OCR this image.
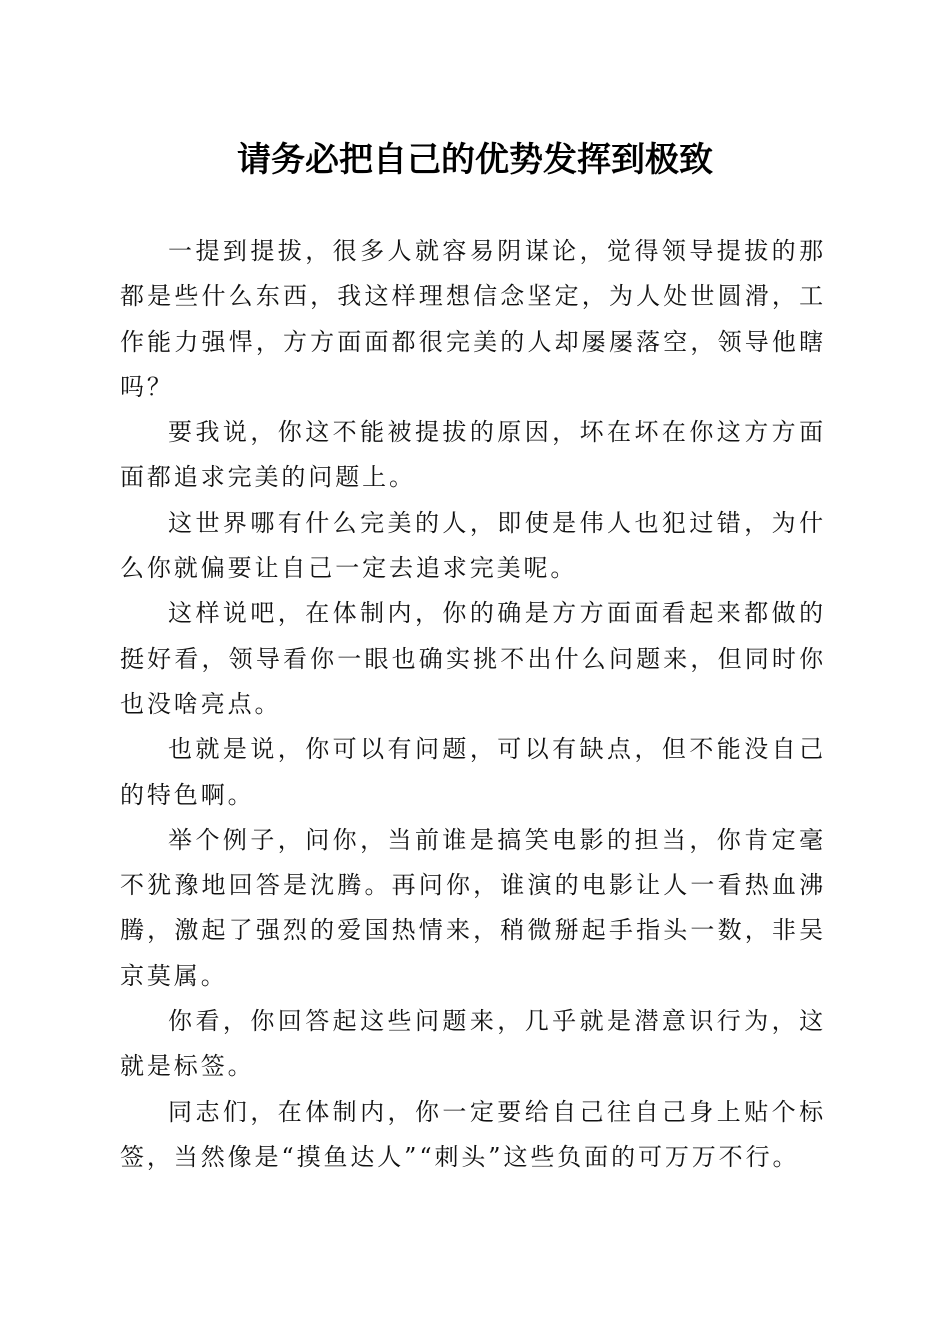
请务必把自己的优势发挥到极致

一提到提拔，很多人就容易阴谋论，觉得领导提拔的那都是些什么东西，我这样理想信念坚定，为人处世圆滑，工作能力强悍，方方面面都很完美的人却屡屡落空，领导他瞎吗？

要我说，你这不能被提拔的原因，坏在坏在你这方方面面都追求完美的问题上。

这世界哪有什么完美的人，即使是伟人也犯过错，为什么你就偏要让自己一定去追求完美呢。

这样说吧，在体制内，你的确是方方面面看起来都做的挺好看，领导看你一眼也确实挑不出什么问题来，但同时你也没啥亮点。

也就是说，你可以有问题，可以有缺点，但不能没自己的特色啊。

举个例子，问你，当前谁是搞笑电影的担当，你肯定毫不犹豫地回答是沈腾。再问你，谁演的电影让人一看热血沸腾，激起了强烈的爱国热情来，稍微掰起手指头一数，非吴京莫属。

你看，你回答起这些问题来，几乎就是潜意识行为，这就是标签。

同志们，在体制内，你一定要给自己往自己身上贴个标签，当然像是“摸鱼达人”“刺头”这些负面的可万万不行。
